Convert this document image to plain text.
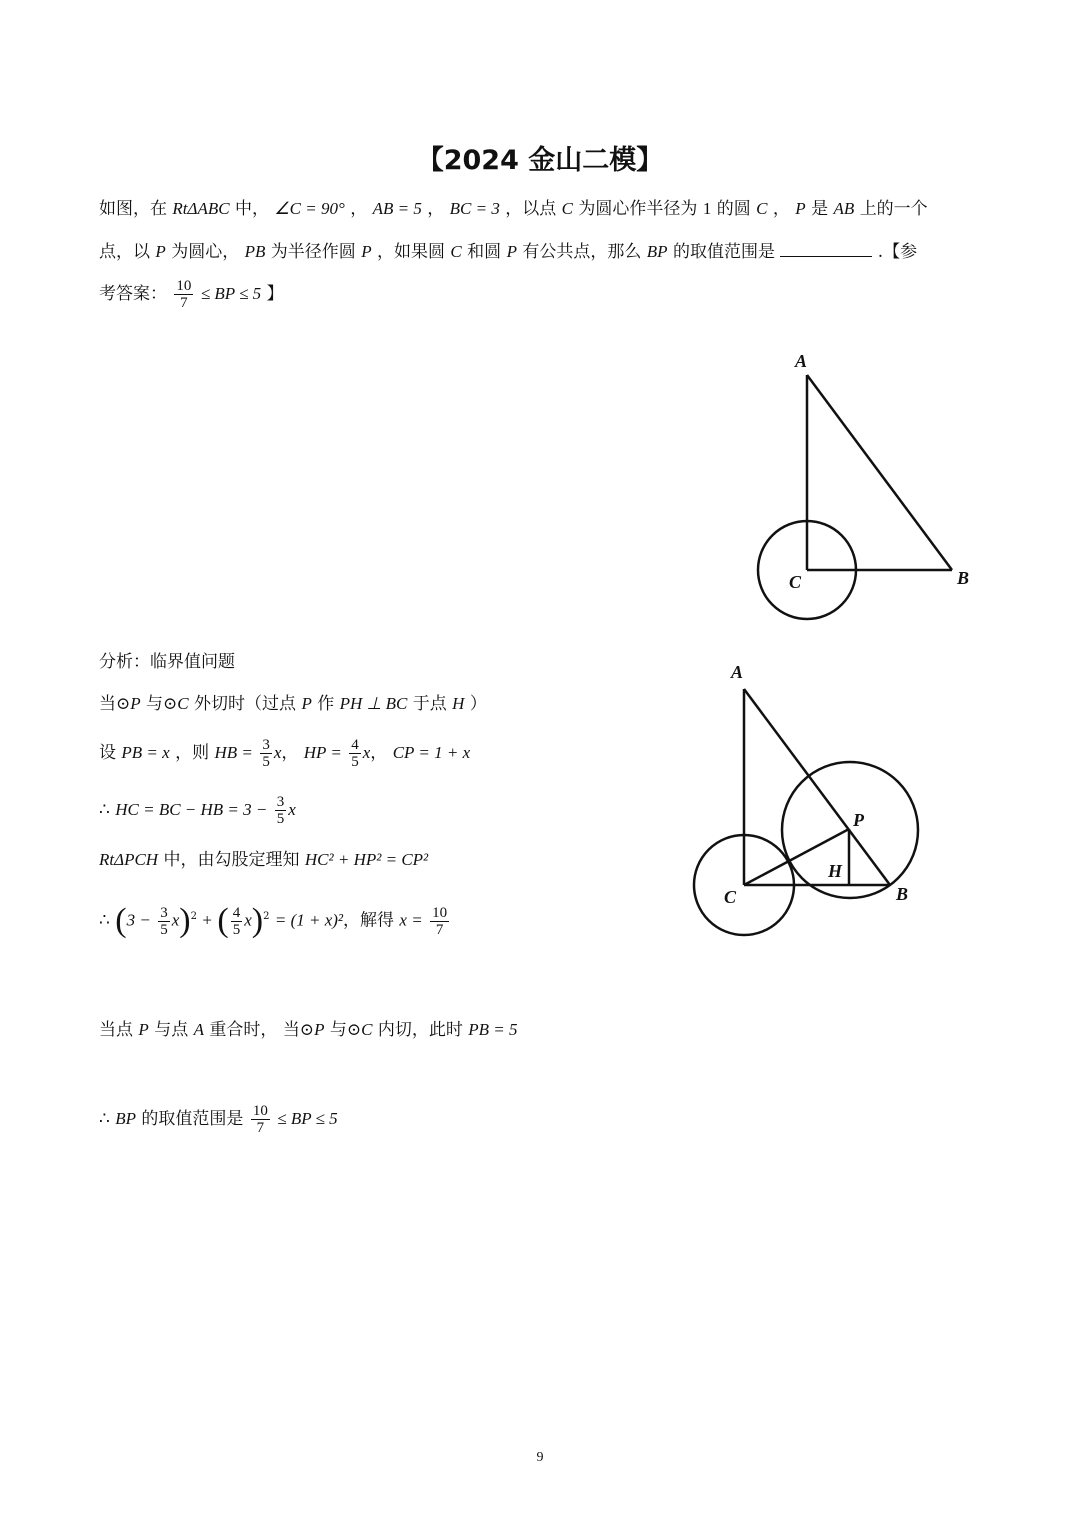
【2024 金山二模】
如图，在 RtΔABC 中， ∠C = 90° ， AB = 5 ， BC = 3 ，以点 C 为圆心作半径为 1 的圆 C ， P 是 AB 上的一个
点，以 P 为圆心， PB 为半径作圆 P ，如果圆 C 和圆 P 有公共点，那么 BP 的取值范围是	.【参
考答案： $\frac{10}{7}$ ≤ BP ≤ 5 】
A
B
C
分析：临界值问题
当⊙P 与⊙C 外切时（过点 P 作 PH ⊥ BC 于点 H ）
设 PB = x ，则 HB = $\frac{3}{5}$ x， HP = $\frac{4}{5}$ x， CP = 1 + x
∴ HC = BC − HB = $3 - \frac{3}{5}$ x
RtΔPCH 中，由勾股定理知 HC² + HP² = CP²
∴ $(3 - \frac{3}{5} x)^2$ + ( $\frac{4}{5} x)^2 = (1 + x)^2$，解得 $x = \frac{10}{7}$
当点 P 与点 A 重合时， 当⊙P 与⊙C 内切，此时 PB = 5
∴ BP 的取值范围是 $\frac{10}{7}$ ≤ BP ≤ 5
A
B
C
P
H
9
